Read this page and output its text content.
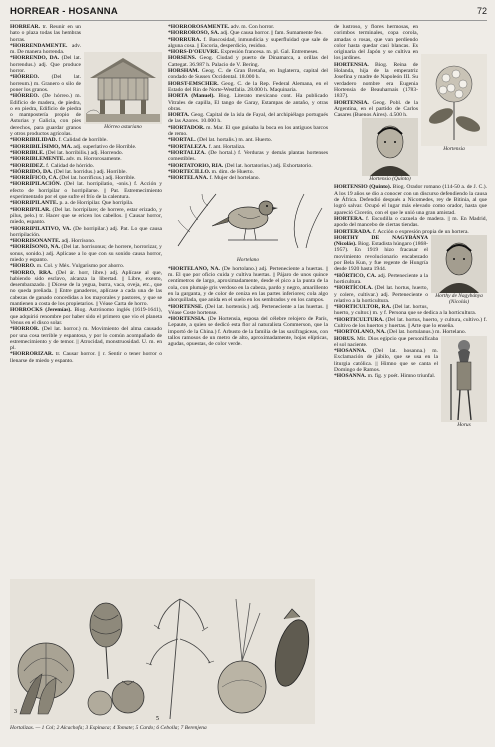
HORREAR - HOSANNA	72
Hórreo asturiano

HORREAR. tr. Reunir en un hato o plaza todas las hembras horras.

*HORRENDAMENTE. adv. m. De manera horrenda.

*HORRENDO, DA. (Del lat. horrendus.) adj. Que produce horror.

*HÓRREO. (Del lat. horreum.) m. Granero o silo de poner los granos.

*HÓRREO. (De hórreo.) m. Edificio de madera, de piedra, o en piedra, Edificio de piedra o mampostería propio de Asturias y Galicia, con pies derechos, para guardar granos y otros productos agrícolas.

*HORRIBILIDAD. f. Calidad de horrible.

*HORRIBILÍSIMO, MA. adj. superlativo de Horrible.

*HORRIBLE. (Del lat. horribilis.) adj. Horrendo.

*HORRIBLEMENTE. adv. m. Horrorosamente.

*HORRIDEZ. f. Calidad de hórrido.

*HÓRRIDO, DA. (Del lat. horridus.) adj. Horrible.

*HORRÍFICO, CA. (Del lat. horrificus.) adj. Horrible.

*HORRIPILACIÓN. (Del lat. horripilatio, -onis.) f. Acción y efecto de horripilar o horripilarse. || Pat. Estremecimiento experimentado por el que sufre el frío de la calentura.

*HORRIPILANTE. p. a. de Horripilar. Que horripila.

*HORRIPILAR. (Del lat. horripilare; de horrere, estar erizado, y pilus, pelo.) tr. Hacer que se ericen los cabellos. || Causar horror, miedo, espanto.

*HORRIPILATIVO, VA. (De horripilar.) adj. Pat. Lo que causa horripilación.

*HORRISONANTE. adj. Horrísono.

*HORRÍSONO, NA. (Del lat. horrisonus; de horrere, horrorizar, y sonus, sonido.) adj. Aplícase a lo que con su sonido causa horror, miedo y espanto.

*HORRO. m. Col. y Méx. Vulgarismo por ahorro.

*HORRO, RRA. (Del ár. horr, libre.) adj. Aplícase al que, habiendo sido esclavo, alcanza la libertad. || Libre, exento, desembarazado. || Dícese de la yegua, burra, vaca, oveja, etc., que no queda preñada. || Entre ganaderos, aplícase a cada una de las cabezas de ganado concedidas a los mayorales y pastores, y que se mantienen a costa de los propietarios. || Véase Carta de horro.

HORROCKS (Jeremías). Biog. Astrónomo inglés (1619-1641), que adquirió renombre por haber sido el primero que vio el planeta Venus en el disco solar.

*HORROR. (Del lat. horror.) m. Movimiento del alma causado por una cosa terrible y espantosa, y por lo común acompañado de estremecimiento y de temor. || Atrocidad, monstruosidad. U. m. en pl.

*HORRORIZAR. tr. Causar horror. || r. Sentir o tener horror o llenarse de miedo y espanto.

*HORROROSAMENTE. adv. m. Con horror.

*HORROROSO, SA. adj. Que causa horror. || fam. Sumamente feo.

*HORRURA. f. Bascosidad, inmundicia y superfluidad que sale de alguna cosa. || Escoria, desperdicio, residuo.

*HORS-D'OEUVRE. Expresión francesa. m. pl. Gal. Entremeses.

HORSENS. Geog. Ciudad y puerto de Dinamarca, a orillas del Cattegat. 36.987 h. Palacio de V. Bering.

HORSHAM. Geog. C. de Gran Bretaña, en Inglaterra, capital del condado de Sussex Occidental. 18.000 h.

HORST-EMSCHER. Geog. C. de la Rep. Federal Alemana, en el Estado del Rin de Norte-Westfalia. 28.000 h. Maquinaria.

HORTA (Manuel). Biog. Literato mexicano cont. Ha publicado Vitrales de capilla, El tango de Garay, Estampas de antaño, y otras obras.

HORTA. Geog. Capital de la isla de Fayal, del archipiélago portugués de las Azores. 10.000 h.

*HORTADOR. m. Mar. El que guisaba la boca en los antiguos barcos de remo.

*HORTAL. (Del lat. hortalis.) m. ant. Huerto.

*HORTALEZA. f. ant. Hortaliza.

*HORTALIZA. (De hortal.) f. Verduras y demás plantas hortenses comestibles.

*HORTATORIO, RIA. (Del lat. hortatorius.) adj. Exhortatorio.

*HORTECILLO. m. dim. de Huerto.

*HORTELANA. f. Mujer del hortelano.

Hortelano

*HORTELANO, NA. (De hortolano.) adj. Perteneciente a huertas. || m. El que por oficio cuida y cultiva huertas. || Pájaro de unos quince centímetros de largo, aproximadamente, desde el pico a la punta de la cola, con plumaje gris verdoso en la cabeza, pardo y negro, amarillento en la garganta, y de color de ceniza en las partes inferiores; cola algo ahorquillada, que anida en el suelo en los sembrados y en los campos.

*HORTENSE. (Del lat. hortensis.) adj. Perteneciente a las huertas. || Véase Coste hortense.

*HORTENSIA. (De Hortensia, esposa del célebre relojero de París, Lepaute, a quien se dedicó esta flor al naturalista Commerson, que la importó de la China.) f. Arbusto de la familia de las saxifragáceas, con tallos ramosos de un metro de alto, aproximadamente, hojas elípticas, agudas, opuestas, de color verde.

Hortensia

de lustroso, y flores hermosas, en corimbos terminales, copa corola, amadas o rosas, que van perdiendo color hasta quedar casi blancas. Es originaria del Japón y se cultiva en los jardines.

HORTENSIA. Biog. Reina de Holanda, hija de la emperatriz Josefina y madre de Napoleón III. Su verdadero nombre era Eugenia Hortensia de Beauharnais (1783-1837).

HORTENSIA. Geog. Pobl. de la Argentina, en el partido de Carlos Casares (Buenos Aires). 4.500 h.

Hortensio (Quinto)

HORTENSIO (Quinto). Biog. Orador romano (114-50 a. de J. C.). A los 19 años se dio a conocer con un discurso defendiendo la causa de África. Defendió después a Nicomedes, rey de Bitinia, al que logró salvar. Ocupó el lugar más elevado como orador, hasta que apareció Cicerón, con el que le unió una gran amistad.

HORTERA. f. Escudilla o cazuela de madera. || m. En Madrid, apodo del mancebo de ciertas tiendas.

HORTERADA. f. Acción o expresión propia de un hortera.

Horthy de Nagybánya (Nicolás)

HORTHY DE NAGYBÁNYA (Nicolás). Biog. Estadista húngaro (1868-1957). En 1919 hizo fracasar el movimiento revolucionario encabezado por Bela Kun, y fue regente de Hungría desde 1920 hasta 1944.

*HÓRTICO, CA. adj. Perteneciente a la horticultura.

*HORTÍCOLA. (Del lat. hortus, huerto, y colere, cultivar.) adj. Perteneciente o relativo a la horticultura.

*HORTICULTOR, RA. (Del lat. hortus, huerto, y cultor.) m. y f. Persona que se dedica a la horticultura.

*HORTICULTURA. (Del lat. hortus, huerto, y cultura, cultivo.) f. Cultivo de los huertos y huertas. || Arte que lo enseña.

*HORTOLANO, NA. (Del lat. hortulanus.) m. Hortelano.

Horus

HORUS. Mit. Dios egipcio que personificaba el sol naciente.

*HOSANNA. (Del lat. hosanna.) m. Exclamación de júbilo, que se usa en la liturgia católica. || Himno que se canta el Domingo de Ramos.

*HOSANNA. m. fig. y poét. Himno triunfal.

3
5
Hortalizas. — 1 Col; 2 Alcachofa; 3 Espinaca; 4 Tomate; 5 Cardo; 6 Cebolla; 7 Berenjena
